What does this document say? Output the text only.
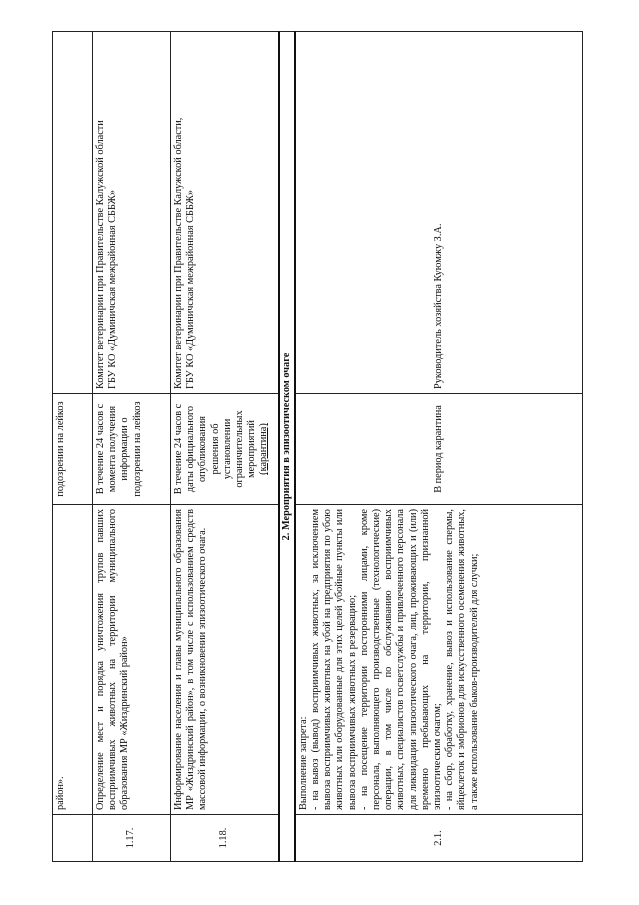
	район».	подозрении на лейкоз	
1.17.	Определение мест и порядка уничтожения трупов павших восприимчивых животных на территории муниципального образования МР «Жиздринский район»	В течение 24 часов с момента получения информации о подозрении на лейкоз	Комитет ветеринарии при Правительстве Калужской области ГБУ КО «Думиничская межрайонная СББЖ»

1.18.	Информирование населения и главы муниципального образования МР «Жиздринский район», в том числе с использованием средств массовой информации, о возникновении эпизоотического очага.	В течение 24 часов с даты официального опубликования решения об установлении ограничительных мероприятий (карантина)	Комитет ветеринарии при Правительстве Калужской области, ГБУ КО «Думиничская межрайонная СББЖ»

2. Мероприятия в эпизоотическом очаге			
2.1.	Выполнение запрета: - на вывоз (вывод) восприимчивых животных, за исключением вывоза восприимчивых животных на убой на предприятия по убою животных или оборудованные для этих целей убойные пункты или вывоза восприимчивых животных в резервацию; - на посещение территории посторонними лицами, кроме персонала, выполняющего производственные (технологические) операции, в том числе по обслуживанию восприимчивых животных, специалистов госветслужбы и привлеченного персонала для ликвидации эпизоотического очага, лиц, проживающих и (или) временно пребывающих на территории, признанной эпизоотическим очагом; - на сбор, обработку, хранение, вывоз и использование спермы, яйцеклеток и эмбрионов для искусственного осеменения животных, а также использование быков-производителей для случки;	В период карантина	Руководитель хозяйства Куюмжу З.А.
